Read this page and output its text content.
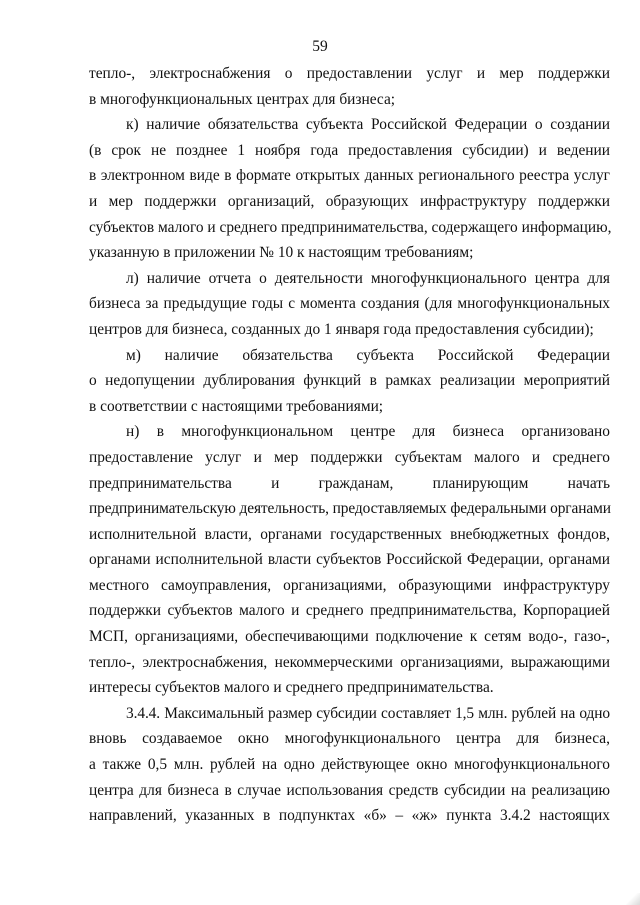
59
тепло-, электроснабжения о предоставлении услуг и мер поддержки
в многофункциональных центрах для бизнеса;
к) наличие обязательства субъекта Российской Федерации о создании
(в срок не позднее 1 ноября года предоставления субсидии) и ведении
в электронном виде в формате открытых данных регионального реестра услуг
и мер поддержки организаций, образующих инфраструктуру поддержки
субъектов малого и среднего предпринимательства, содержащего информацию,
указанную в приложении № 10 к настоящим требованиям;
л) наличие отчета о деятельности многофункционального центра для
бизнеса за предыдущие годы с момента создания (для многофункциональных
центров для бизнеса, созданных до 1 января года предоставления субсидии);
м) наличие обязательства субъекта Российской Федерации
о недопущении дублирования функций в рамках реализации мероприятий
в соответствии с настоящими требованиями;
н) в многофункциональном центре для бизнеса организовано
предоставление услуг и мер поддержки субъектам малого и среднего
предпринимательства и гражданам, планирующим начать
предпринимательскую деятельность, предоставляемых федеральными органами
исполнительной власти, органами государственных внебюджетных фондов,
органами исполнительной власти субъектов Российской Федерации, органами
местного самоуправления, организациями, образующими инфраструктуру
поддержки субъектов малого и среднего предпринимательства, Корпорацией
МСП, организациями, обеспечивающими подключение к сетям водо-, газо-,
тепло-, электроснабжения, некоммерческими организациями, выражающими
интересы субъектов малого и среднего предпринимательства.
3.4.4. Максимальный размер субсидии составляет 1,5 млн. рублей на одно
вновь создаваемое окно многофункционального центра для бизнеса,
а также 0,5 млн. рублей на одно действующее окно многофункционального
центра для бизнеса в случае использования средств субсидии на реализацию
направлений, указанных в подпунктах «б» – «ж» пункта 3.4.2 настоящих
